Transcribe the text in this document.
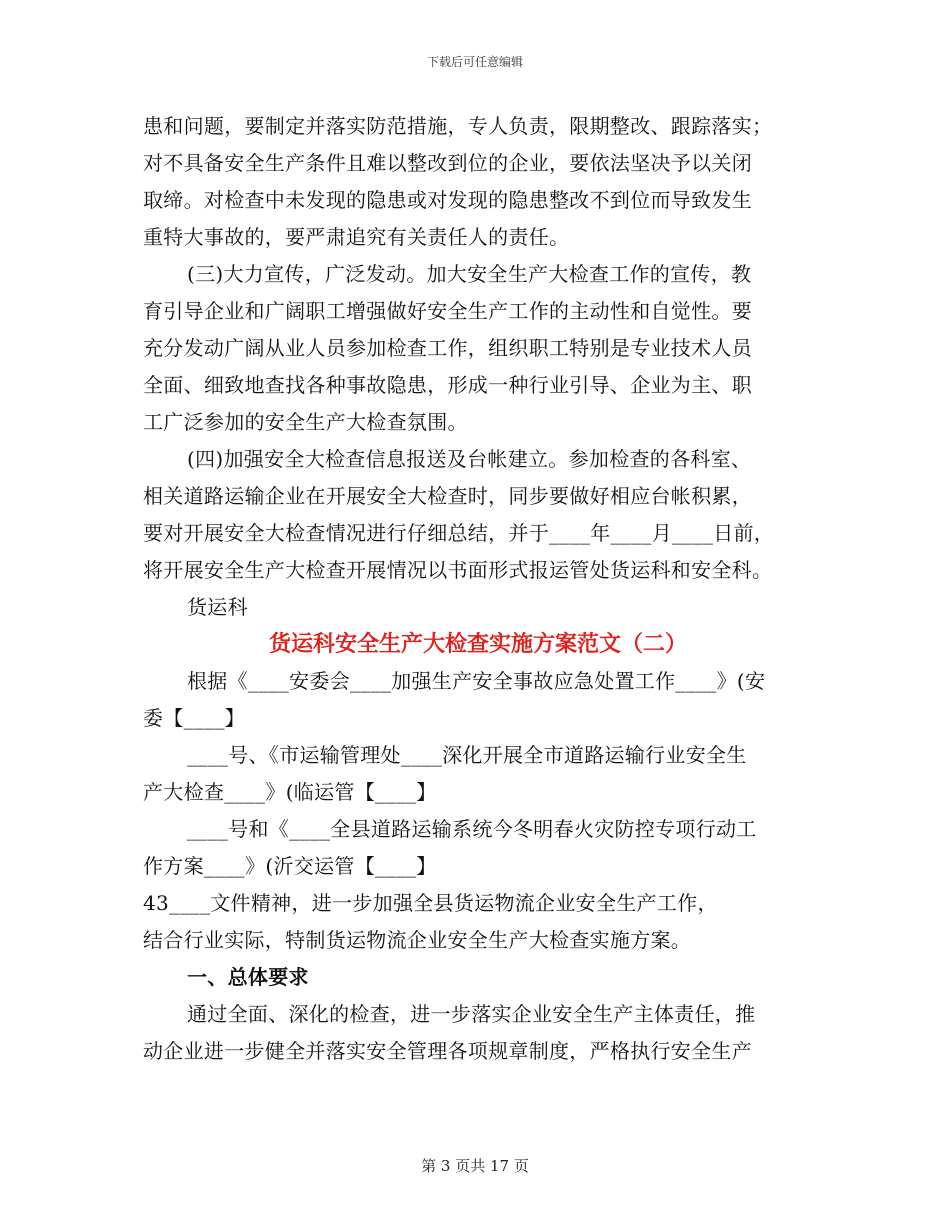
下载后可任意编辑
患和问题，要制定并落实防范措施，专人负责，限期整改、跟踪落实；
对不具备安全生产条件且难以整改到位的企业，要依法坚决予以关闭
取缔。对检查中未发现的隐患或对发现的隐患整改不到位而导致发生
重特大事故的，要严肃追究有关责任人的责任。
(三)大力宣传，广泛发动。加大安全生产大检查工作的宣传，教
育引导企业和广阔职工增强做好安全生产工作的主动性和自觉性。要
充分发动广阔从业人员参加检查工作，组织职工特别是专业技术人员
全面、细致地查找各种事故隐患，形成一种行业引导、企业为主、职
工广泛参加的安全生产大检查氛围。
(四)加强安全大检查信息报送及台帐建立。参加检查的各科室、
相关道路运输企业在开展安全大检查时，同步要做好相应台帐积累，
要对开展安全大检查情况进行仔细总结，并于____年____月____日前，
将开展安全生产大检查开展情况以书面形式报运管处货运科和安全科。
货运科
货运科安全生产大检查实施方案范文（二）
根据《____安委会____加强生产安全事故应急处置工作____》(安
委【____】
____号、《市运输管理处____深化开展全市道路运输行业安全生
产大检查____》(临运管【____】
____号和《____全县道路运输系统今冬明春火灾防控专项行动工
作方案____》(沂交运管【____】
43____文件精神，进一步加强全县货运物流企业安全生产工作，
结合行业实际，特制货运物流企业安全生产大检查实施方案。
一、总体要求
通过全面、深化的检查，进一步落实企业安全生产主体责任，推
动企业进一步健全并落实安全管理各项规章制度，严格执行安全生产
第 3 页共 17 页
